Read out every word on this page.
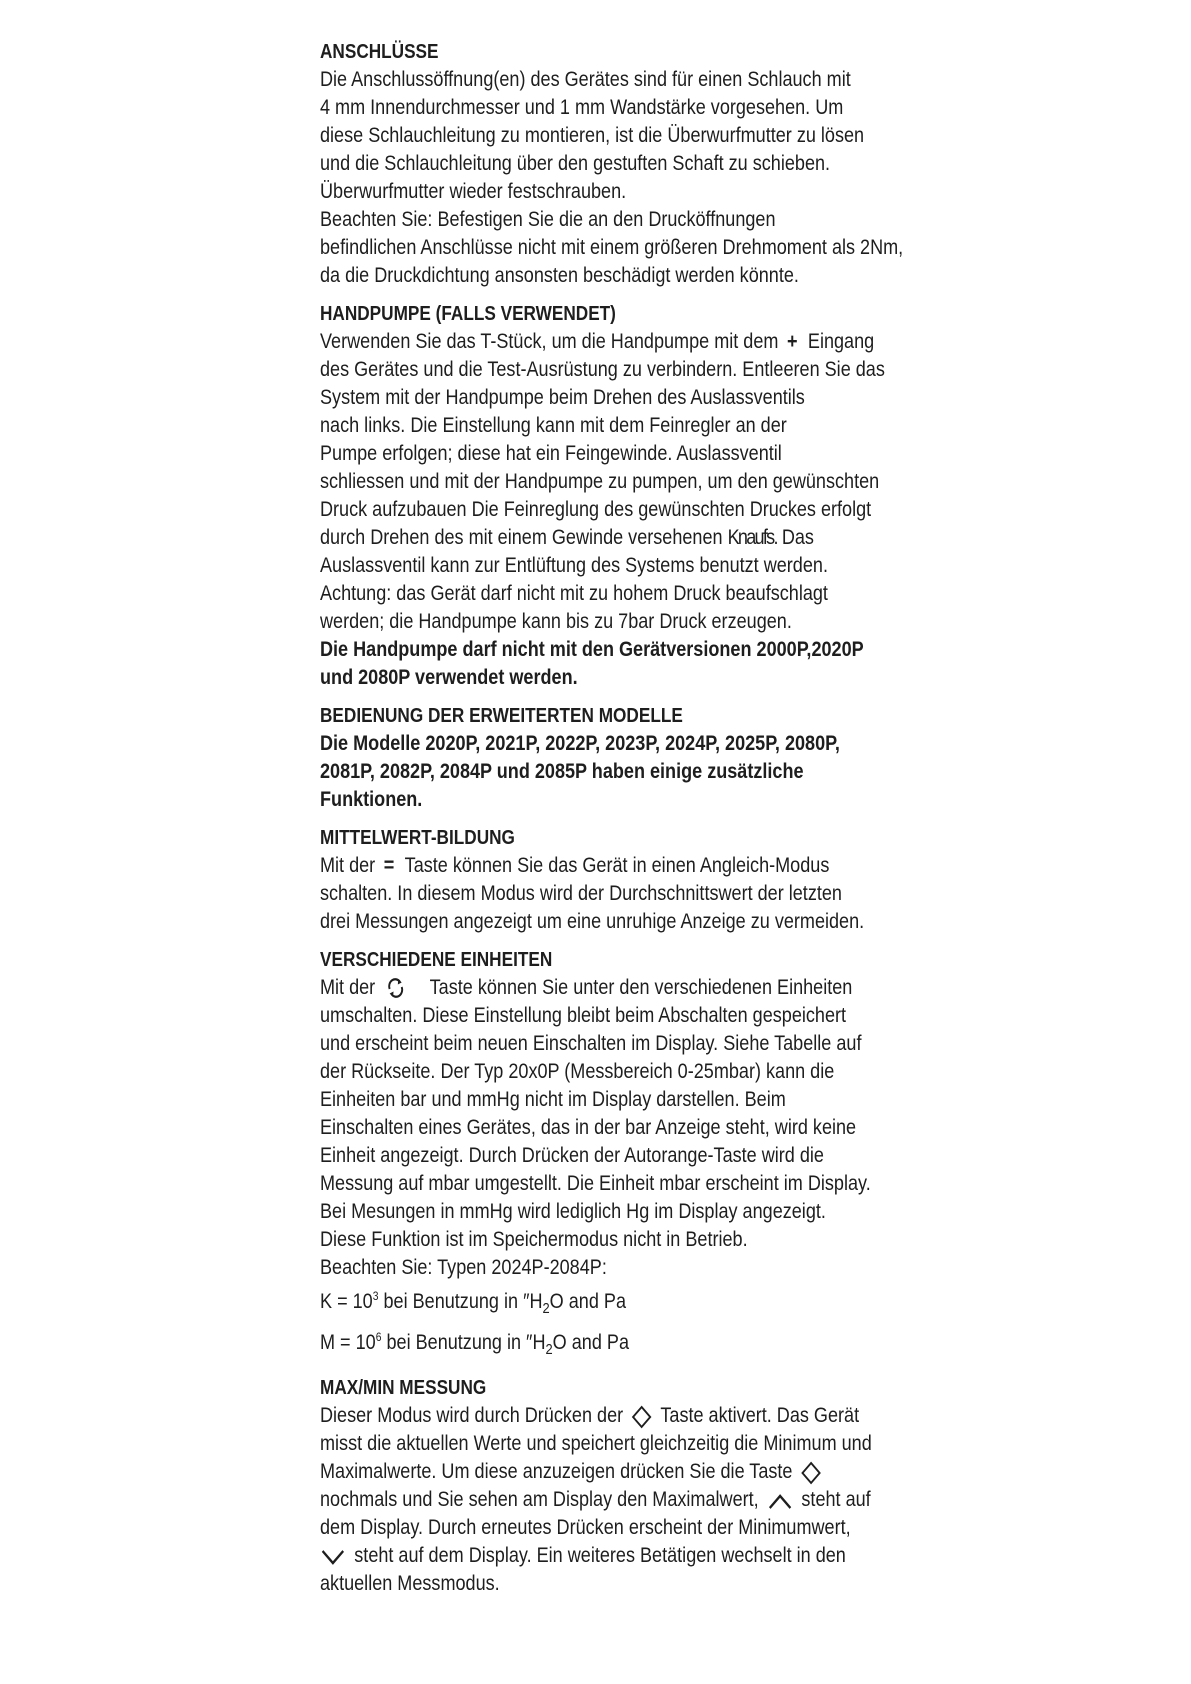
ANSCHLÜSSE
Die Anschlussöffnung(en) des Gerätes sind für einen Schlauch mit
4 mm Innendurchmesser und 1 mm Wandstärke vorgesehen. Um
diese Schlauchleitung zu montieren, ist die Überwurfmutter zu lösen
und die Schlauchleitung über den gestuften Schaft zu schieben.
Überwurfmutter wieder festschrauben.
Beachten Sie: Befestigen Sie die an den Drucköffnungen
befindlichen Anschlüsse nicht mit einem größeren Drehmoment als 2Nm,
da die Druckdichtung ansonsten beschädigt werden könnte.
HANDPUMPE (FALLS VERWENDET)
Verwenden Sie das T-Stück, um die Handpumpe mit dem + Eingang
des Gerätes und die Test-Ausrüstung zu verbindern. Entleeren Sie das
System mit der Handpumpe beim Drehen des Auslassventils
nach links. Die Einstellung kann mit dem Feinregler an der
Pumpe erfolgen; diese hat ein Feingewinde. Auslassventil
schliessen und mit der Handpumpe zu pumpen, um den gewünschten
Druck aufzubauen Die Feinreglung des gewünschten Druckes erfolgt
durch Drehen des mit einem Gewinde versehenen Knaufs. Das
Auslassventil kann zur Entlüftung des Systems benutzt werden.
Achtung: das Gerät darf nicht mit zu hohem Druck beaufschlagt
werden; die Handpumpe kann bis zu 7bar Druck erzeugen.
Die Handpumpe darf nicht mit den Gerätversionen 2000P,2020P
und 2080P verwendet werden.
BEDIENUNG DER ERWEITERTEN MODELLE
Die Modelle 2020P, 2021P, 2022P, 2023P, 2024P, 2025P, 2080P,
2081P, 2082P, 2084P und 2085P haben einige zusätzliche
Funktionen.
MITTELWERT-BILDUNG
Mit der = Taste können Sie das Gerät in einen Angleich-Modus
schalten. In diesem Modus wird der Durchschnittswert der letzten
drei Messungen angezeigt um eine unruhige Anzeige zu vermeiden.
VERSCHIEDENE EINHEITEN
Mit der	Taste können Sie unter den verschiedenen Einheiten
umschalten. Diese Einstellung bleibt beim Abschalten gespeichert
und erscheint beim neuen Einschalten im Display. Siehe Tabelle auf
der Rückseite. Der Typ 20x0P (Messbereich 0-25mbar) kann die
Einheiten bar und mmHg nicht im Display darstellen. Beim
Einschalten eines Gerätes, das in der bar Anzeige steht, wird keine
Einheit angezeigt. Durch Drücken der Autorange-Taste wird die
Messung auf mbar umgestellt. Die Einheit mbar erscheint im Display.
Bei Mesungen in mmHg wird lediglich Hg im Display angezeigt.
Diese Funktion ist im Speichermodus nicht in Betrieb.
Beachten Sie: Typen 2024P-2084P:
$K = 10^3$ bei Benutzung in $''H_2O$ and Pa
$M = 10^6$ bei Benutzung in $''H_2O$ and Pa
MAX/MIN MESSUNG
Dieser Modus wird durch Drücken der Taste aktivert. Das Gerät
misst die aktuellen Werte und speichert gleichzeitig die Minimum und
Maximalwerte. Um diese anzuzeigen drücken Sie die Taste
nochmals und Sie sehen am Display den Maximalwert, steht auf
dem Display. Durch erneutes Drücken erscheint der Minimumwert,
steht auf dem Display. Ein weiteres Betätigen wechselt in den
aktuellen Messmodus.
